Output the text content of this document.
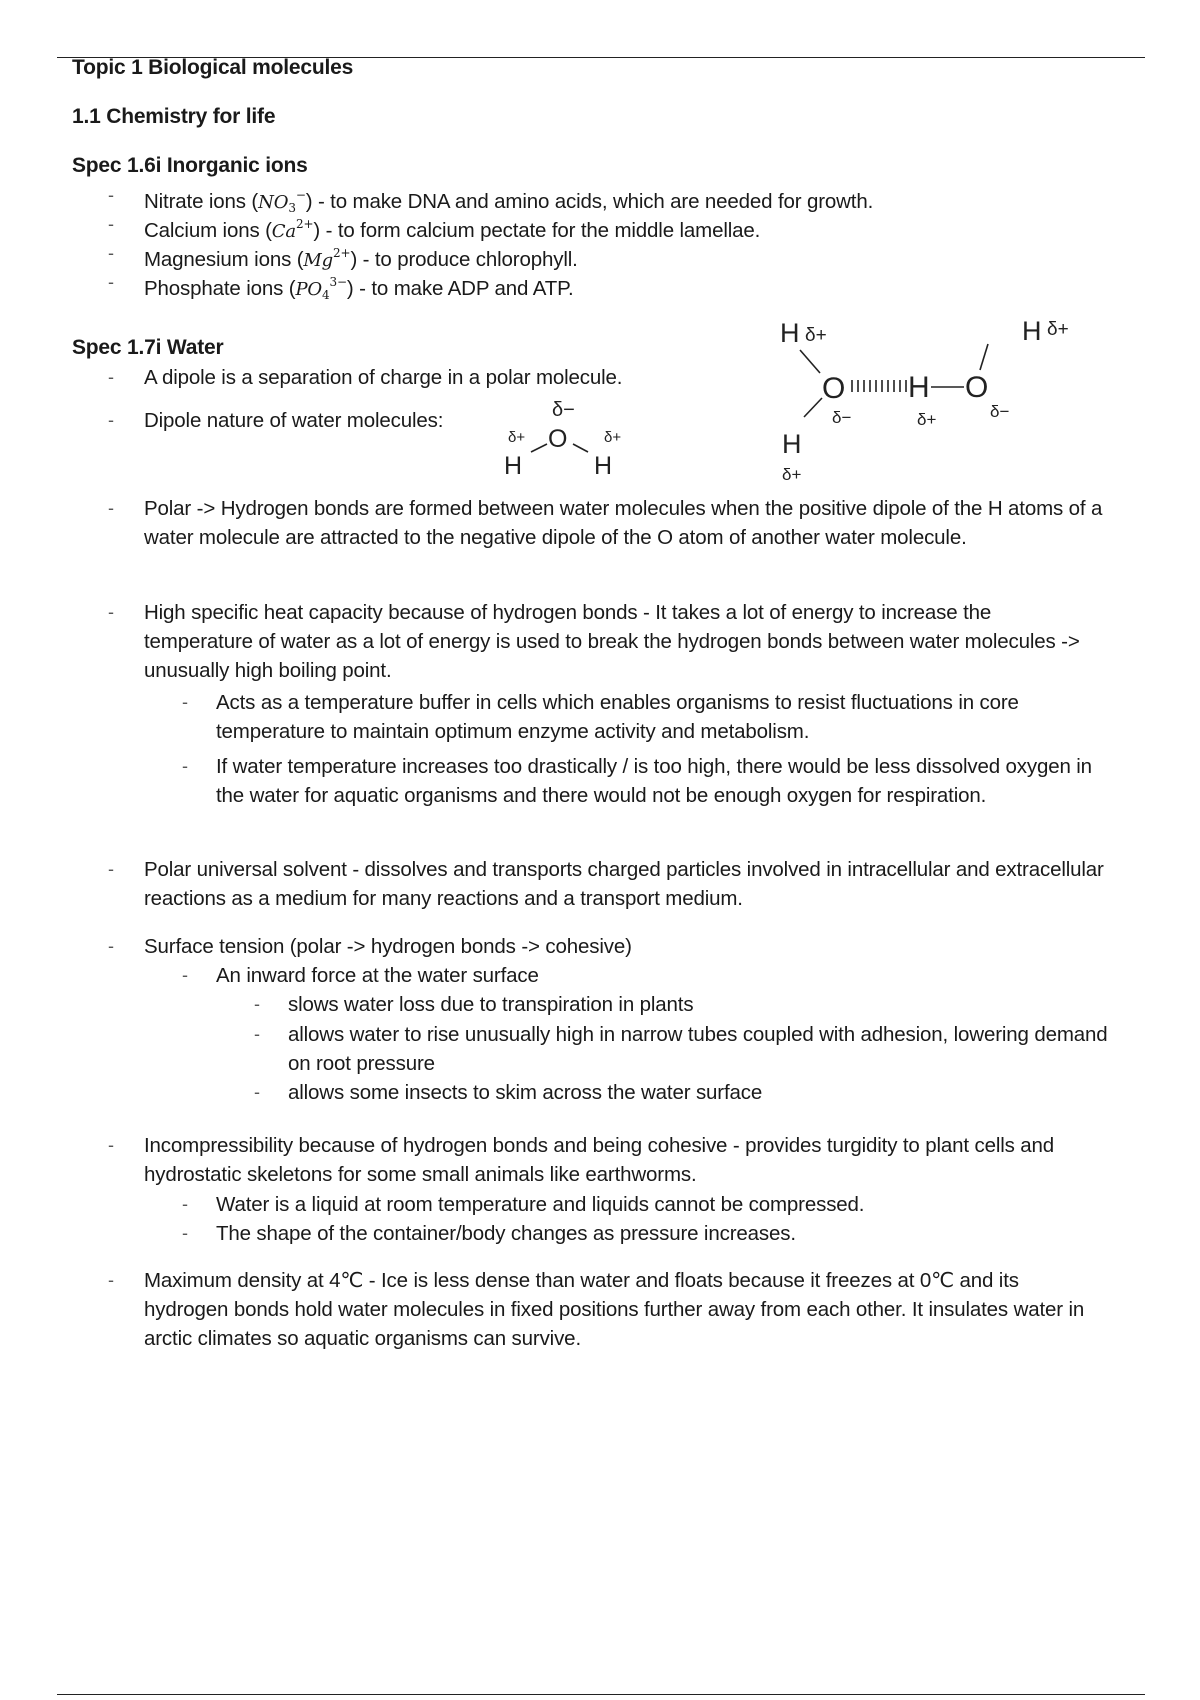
Topic 1 Biological molecules
1.1 Chemistry for life
Spec 1.6i Inorganic ions
- Nitrate ions $(NO_3^-)$ - to make DNA and amino acids, which are needed for growth.
- Calcium ions $(Ca^{2+})$ - to form calcium pectate for the middle lamellae.
- Magnesium ions $(Mg^{2+})$ - to produce chlorophyll.
- Phosphate ions $(PO_4^{3-})$ - to make ADP and ATP.
Spec 1.7i Water
- A dipole is a separation of charge in a polar molecule.
- Dipole nature of water molecules:	δ−
O
δ+	δ+
H	H
H δ+
O
δ−
H
δ+
H
δ+
O
δ−
H δ+
- Polar -> Hydrogen bonds are formed between water molecules when the positive dipole of the H atoms of a water molecule are attracted to the negative dipole of the O atom of another water molecule.
- High specific heat capacity because of hydrogen bonds - It takes a lot of energy to increase the temperature of water as a lot of energy is used to break the hydrogen bonds between water molecules -> unusually high boiling point.
- Acts as a temperature buffer in cells which enables organisms to resist fluctuations in core temperature to maintain optimum enzyme activity and metabolism.
- If water temperature increases too drastically / is too high, there would be less dissolved oxygen in the water for aquatic organisms and there would not be enough oxygen for respiration.
- Polar universal solvent - dissolves and transports charged particles involved in intracellular and extracellular reactions as a medium for many reactions and a transport medium.
- Surface tension (polar -> hydrogen bonds -> cohesive)
- An inward force at the water surface
- slows water loss due to transpiration in plants
- allows water to rise unusually high in narrow tubes coupled with adhesion, lowering demand on root pressure
- allows some insects to skim across the water surface
- Incompressibility because of hydrogen bonds and being cohesive - provides turgidity to plant cells and hydrostatic skeletons for some small animals like earthworms.
- Water is a liquid at room temperature and liquids cannot be compressed.
- The shape of the container/body changes as pressure increases.
- Maximum density at 4℃ - Ice is less dense than water and floats because it freezes at 0℃ and its hydrogen bonds hold water molecules in fixed positions further away from each other. It insulates water in arctic climates so aquatic organisms can survive.
